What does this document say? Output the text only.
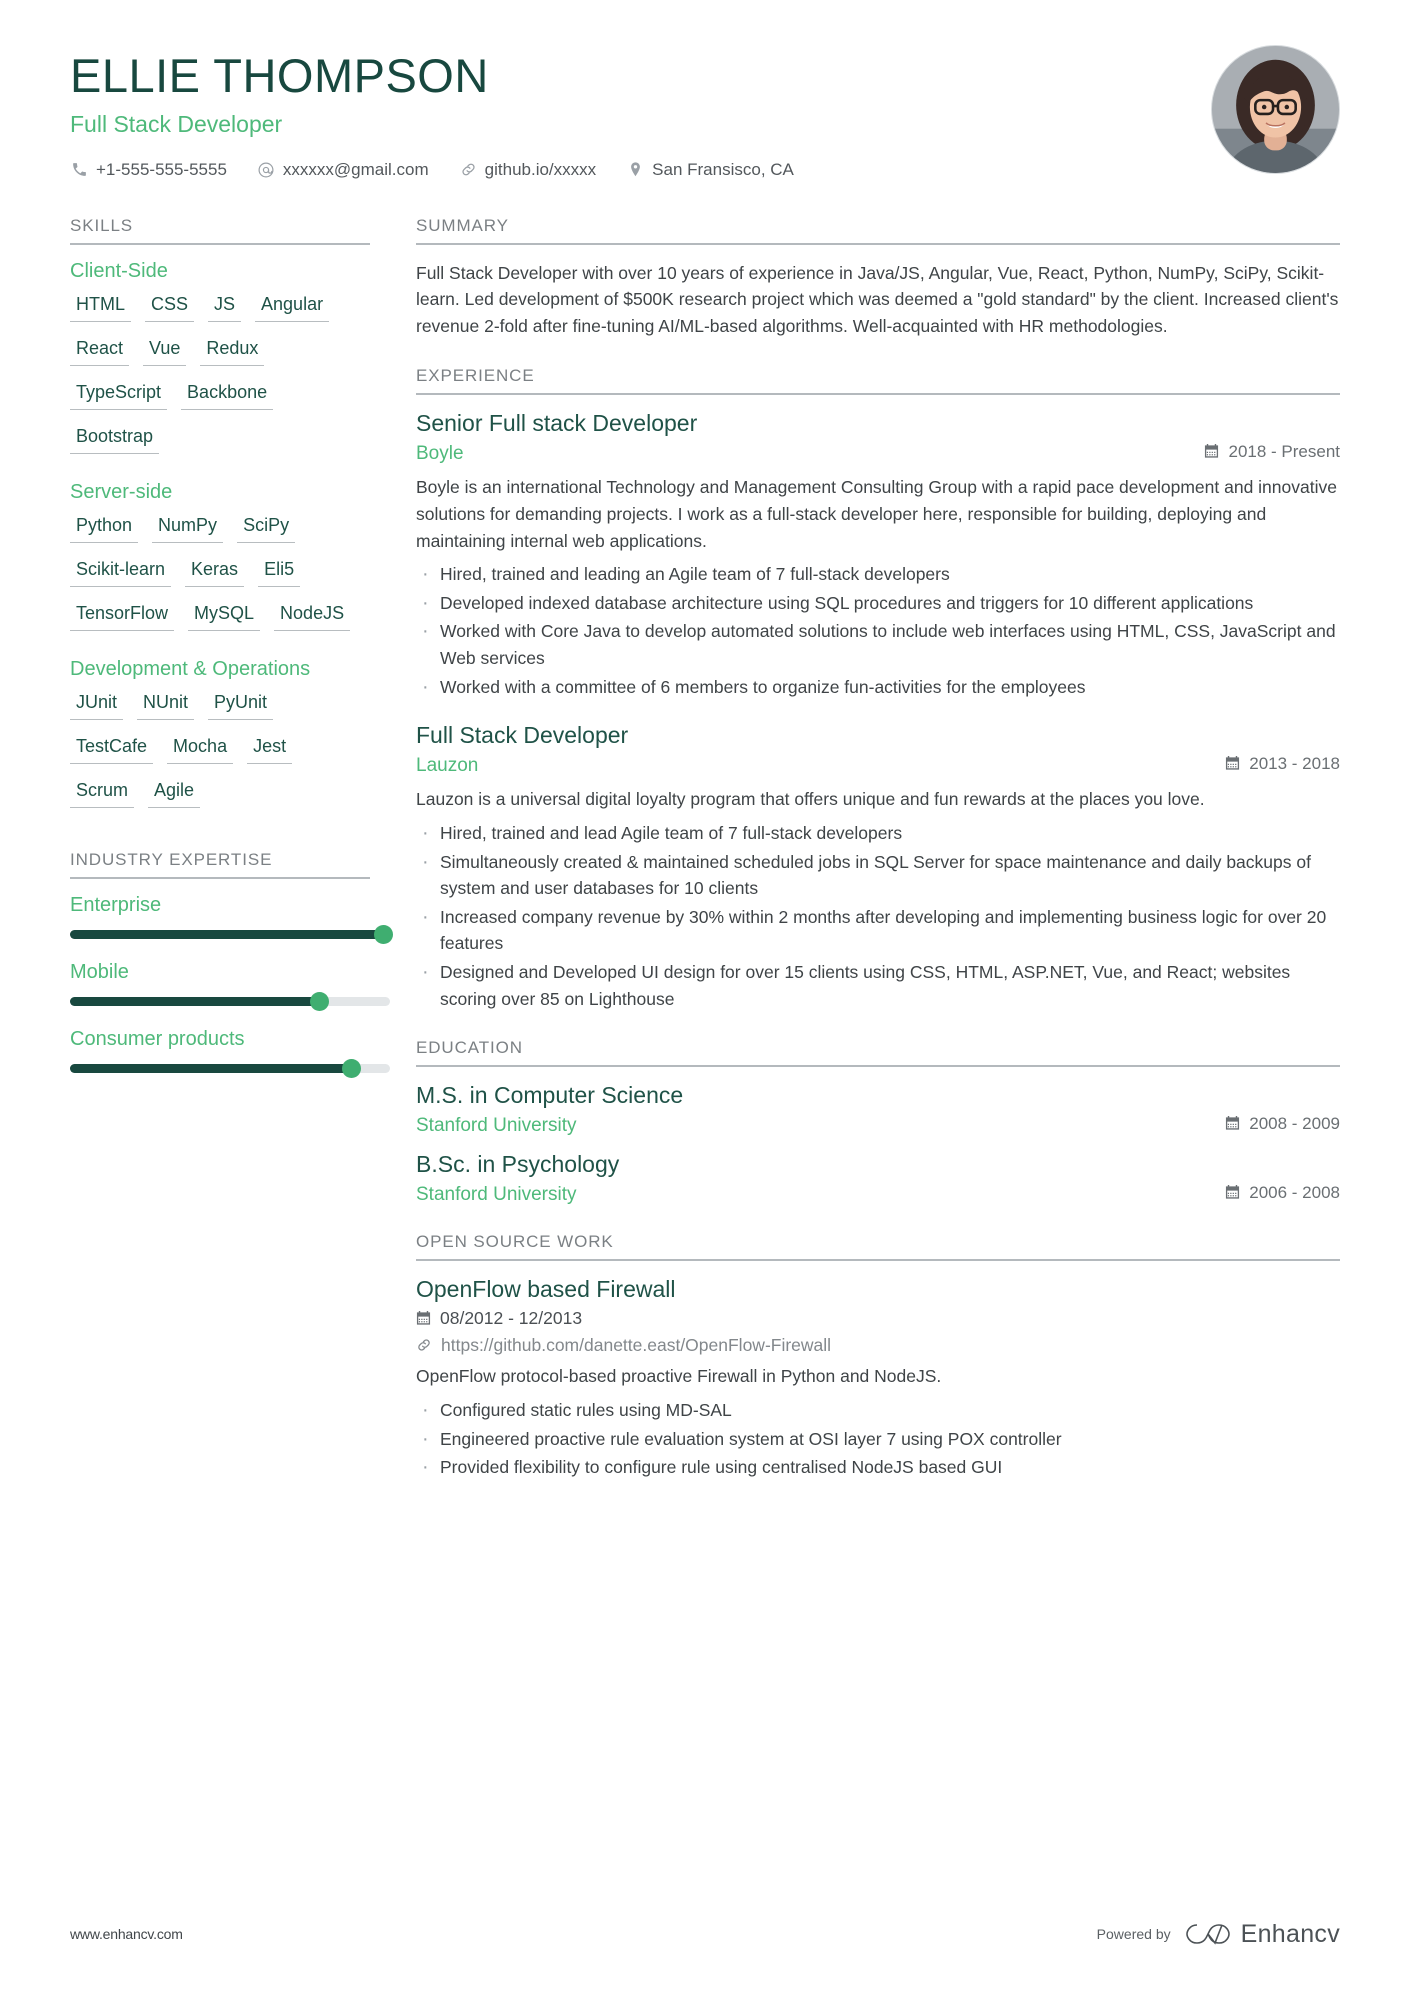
ELLIE THOMPSON
Full Stack Developer
+1-555-555-5555	xxxxxx@gmail.com	github.io/xxxxx	San Fransisco, CA
SKILLS
Client-Side
HTML	CSS	JS	Angular
React	Vue	Redux
TypeScript	Backbone
Bootstrap
Server-side
Python	NumPy	SciPy
Scikit-learn	Keras	Eli5
TensorFlow	MySQL	NodeJS
Development & Operations
JUnit	NUnit	PyUnit
TestCafe	Mocha	Jest
Scrum	Agile
INDUSTRY EXPERTISE
Enterprise
Mobile
Consumer products
SUMMARY
Full Stack Developer with over 10 years of experience in Java/JS, Angular, Vue, React, Python, NumPy, SciPy, Scikit-learn. Led development of $500K research project which was deemed a "gold standard" by the client. Increased client's revenue 2-fold after fine-tuning AI/ML-based algorithms. Well-acquainted with HR methodologies.
EXPERIENCE
Senior Full stack Developer
Boyle	2018 - Present
Boyle is an international Technology and Management Consulting Group with a rapid pace development and innovative solutions for demanding projects. I work as a full-stack developer here, responsible for building, deploying and maintaining internal web applications.
· Hired, trained and leading an Agile team of 7 full-stack developers
· Developed indexed database architecture using SQL procedures and triggers for 10 different applications
· Worked with Core Java to develop automated solutions to include web interfaces using HTML, CSS, JavaScript and Web services
· Worked with a committee of 6 members to organize fun-activities for the employees
Full Stack Developer
Lauzon	2013 - 2018
Lauzon is a universal digital loyalty program that offers unique and fun rewards at the places you love.
· Hired, trained and lead Agile team of 7 full-stack developers
· Simultaneously created & maintained scheduled jobs in SQL Server for space maintenance and daily backups of system and user databases for 10 clients
· Increased company revenue by 30% within 2 months after developing and implementing business logic for over 20 features
· Designed and Developed UI design for over 15 clients using CSS, HTML, ASP.NET, Vue, and React; websites scoring over 85 on Lighthouse
EDUCATION
M.S. in Computer Science
Stanford University	2008 - 2009
B.Sc. in Psychology
Stanford University	2006 - 2008
OPEN SOURCE WORK
OpenFlow based Firewall
08/2012 - 12/2013
https://github.com/danette.east/OpenFlow-Firewall
OpenFlow protocol-based proactive Firewall in Python and NodeJS.
· Configured static rules using MD-SAL
· Engineered proactive rule evaluation system at OSI layer 7 using POX controller
· Provided flexibility to configure rule using centralised NodeJS based GUI
www.enhancv.com	Powered by	Enhancv
